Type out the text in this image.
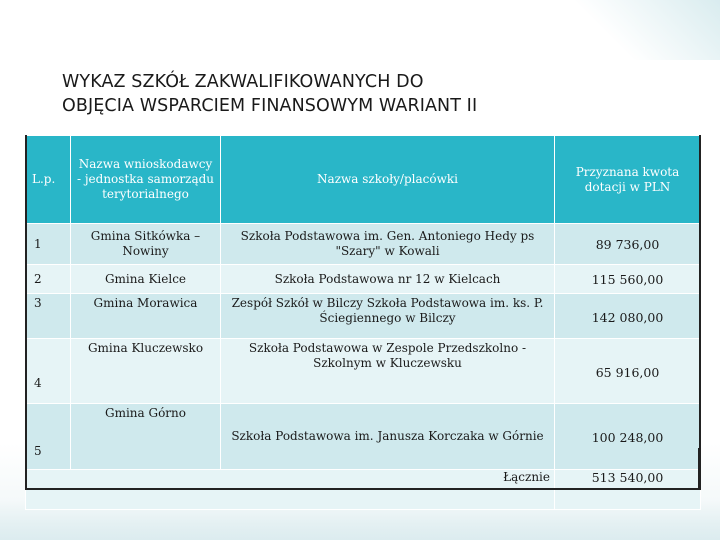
WYKAZ SZKÓŁ ZAKWALIFIKOWANYCH DO
OBJĘCIA WSPARCIEM FINANSOWYM WARIANT II
L.p.	Nazwa wnioskodawcy - jednostka samorządu terytorialnego	Nazwa szkoły/placówki	Przyznana kwota dotacji w PLN
1	Gmina Sitkówka – Nowiny	Szkoła Podstawowa im. Gen. Antoniego Hedy ps "Szary" w Kowali	89 736,00
2	Gmina Kielce	Szkoła Podstawowa nr 12 w Kielcach	115 560,00
3	Gmina Morawica	Zespół Szkół w Bilczy Szkoła Podstawowa im. ks. P. Ściegiennego w Bilczy	142 080,00
4	Gmina Kluczewsko	Szkoła Podstawowa w Zespole Przedszkolno - Szkolnym w Kluczewsku	65 916,00
5	Gmina Górno	Szkoła Podstawowa im. Janusza Korczaka w Górnie	100 248,00
Łącznie			513 540,00
